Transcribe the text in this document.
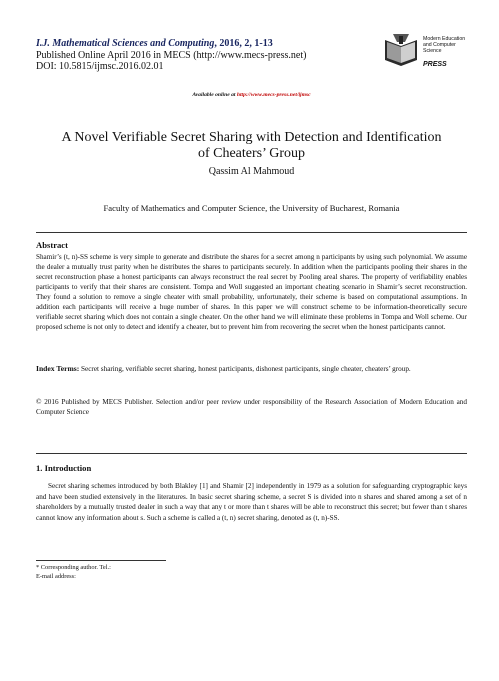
I.J. Mathematical Sciences and Computing, 2016, 2, 1-13
Published Online April 2016 in MECS (http://www.mecs-press.net)
DOI: 10.5815/ijmsc.2016.02.01
Modern Education
and Computer Science
PRESS
Available online at http://www.mecs-press.net/ijmsc
A Novel Verifiable Secret Sharing with Detection and Identification
of Cheaters’ Group
Qassim Al Mahmoud
Faculty of Mathematics and Computer Science, the University of Bucharest, Romania
Abstract
Shamir’s (t, n)-SS scheme is very simple to generate and distribute the shares for a secret among n participants by using such polynomial. We assume the dealer a mutually trust parity when he distributes the shares to participants securely. In addition when the participants pooling their shares in the secret reconstruction phase a honest participants can always reconstruct the real secret by Pooling areal shares. The property of verifiability enables participants to verify that their shares are consistent. Tompa and Woll suggested an important cheating scenario in Shamir’s secret reconstruction. They found a solution to remove a single cheater with small probability, unfortunately, their scheme is based on computational assumptions. In addition each participants will receive a huge number of shares. In this paper we will construct scheme to be information-theoretically secure verifiable secret sharing which does not contain a single cheater. On the other hand we will eliminate these problems in Tompa and Woll scheme. Our proposed scheme is not only to detect and identify a cheater, but to prevent him from recovering the secret when the honest participants cannot.
Index Terms: Secret sharing, verifiable secret sharing, honest participants, dishonest participants, single cheater, cheaters’ group.
© 2016 Published by MECS Publisher. Selection and/or peer review under responsibility of the Research Association of Modern Education and Computer Science
1. Introduction
Secret sharing schemes introduced by both Blakley [1] and Shamir [2] independently in 1979 as a solution for safeguarding cryptographic keys and have been studied extensively in the literatures. In basic secret sharing scheme, a secret S is divided into n shares and shared among a set of n shareholders by a mutually trusted dealer in such a way that any t or more than t shares will be able to reconstruct this secret; but fewer than t shares cannot know any information about s. Such a scheme is called a (t, n) secret sharing, denoted as (t, n)-SS.
* Corresponding author. Tel.:
E-mail address:
